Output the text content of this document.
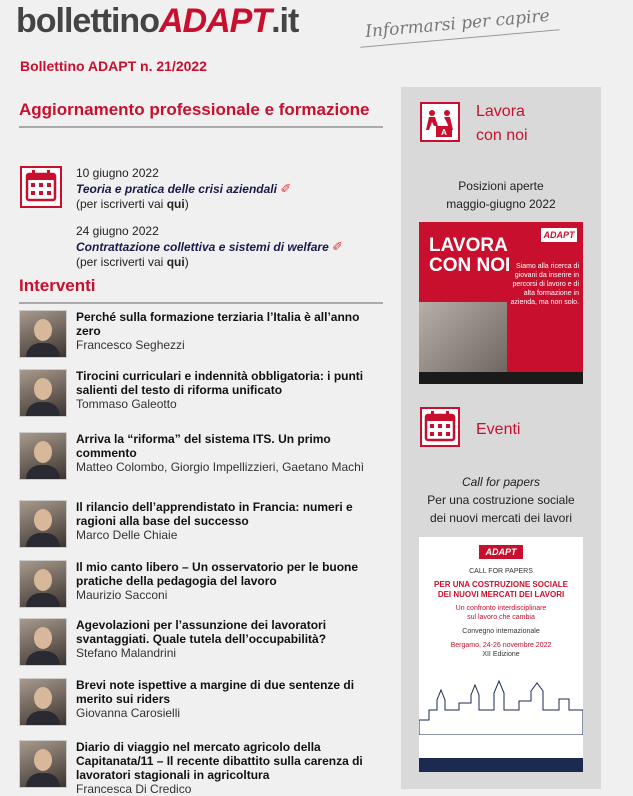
bollettinoADAPT.it	Informarsi per capire
Bollettino ADAPT n. 21/2022
Aggiornamento professionale e formazione
10 giugno 2022
Teoria e pratica delle crisi aziendali ✐
(per iscriverti vai qui)
24 giugno 2022
Contrattazione collettiva e sistemi di welfare ✐
(per iscriverti vai qui)
Interventi
Perché sulla formazione terziaria l’Italia è all’anno zero
Francesco Seghezzi
Tirocini curriculari e indennità obbligatoria: i punti salienti del testo di riforma unificato
Tommaso Galeotto
Arriva la “riforma” del sistema ITS. Un primo commento
Matteo Colombo, Giorgio Impellizzieri, Gaetano Machì
Il rilancio dell’apprendistato in Francia: numeri e ragioni alla base del successo
Marco Delle Chiaie
Il mio canto libero – Un osservatorio per le buone pratiche della pedagogia del lavoro
Maurizio Sacconi
Agevolazioni per l’assunzione dei lavoratori svantaggiati. Quale tutela dell’occupabilità?
Stefano Malandrini
Brevi note ispettive a margine di due sentenze di merito sui riders
Giovanna Carosielli
Diario di viaggio nel mercato agricolo della Capitanata/11 – Il recente dibattito sulla carenza di lavoratori stagionali in agricoltura
Francesca Di Credico
A
Lavora
con noi
Posizioni aperte
maggio-giugno 2022
ADAPT
LAVORA
CON NOI Siamo alla ricerca di giovani da inserire in percorsi di lavoro e di alta formazione in azienda, ma non solo.
Eventi
Call for papers
Per una costruzione sociale
dei nuovi mercati dei lavori
ADAPT
CALL FOR PAPERS
PER UNA COSTRUZIONE SOCIALE
DEI NUOVI MERCATI DEI LAVORI
Un confronto interdisciplinare
sul lavoro che cambia
Convegno internazionale
Bergamo, 24-26 novembre 2022
XII Edizione
